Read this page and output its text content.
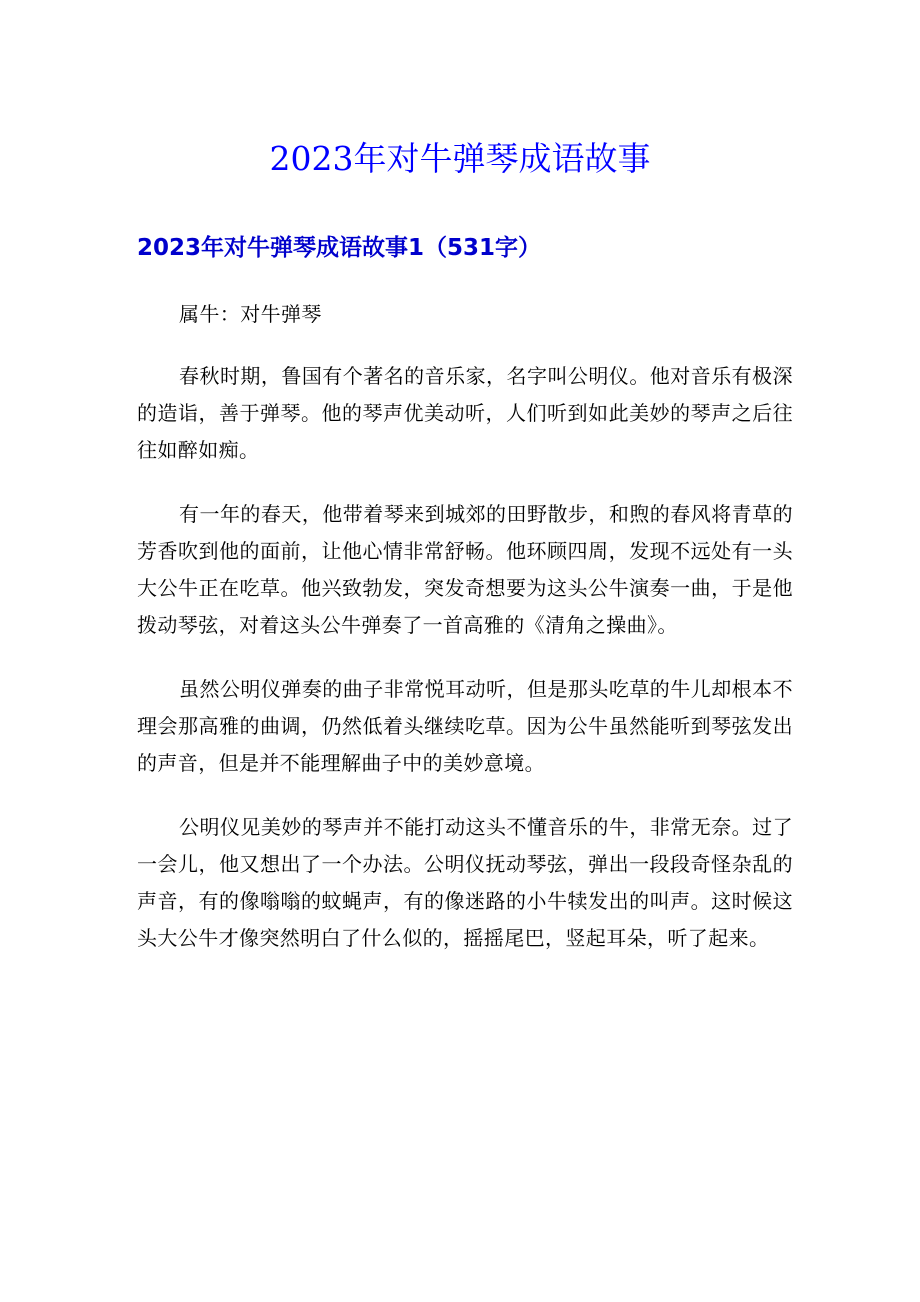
2023年对牛弹琴成语故事
2023年对牛弹琴成语故事1（531字）

属牛：对牛弹琴

春秋时期，鲁国有个著名的音乐家，名字叫公明仪。他对音乐有极深的造诣，善于弹琴。他的琴声优美动听，人们听到如此美妙的琴声之后往往如醉如痴。

有一年的春天，他带着琴来到城郊的田野散步，和煦的春风将青草的芳香吹到他的面前，让他心情非常舒畅。他环顾四周，发现不远处有一头大公牛正在吃草。他兴致勃发，突发奇想要为这头公牛演奏一曲，于是他拨动琴弦，对着这头公牛弹奏了一首高雅的《清角之操曲》。

虽然公明仪弹奏的曲子非常悦耳动听，但是那头吃草的牛儿却根本不理会那高雅的曲调，仍然低着头继续吃草。因为公牛虽然能听到琴弦发出的声音，但是并不能理解曲子中的美妙意境。

公明仪见美妙的琴声并不能打动这头不懂音乐的牛，非常无奈。过了一会儿，他又想出了一个办法。公明仪抚动琴弦，弹出一段段奇怪杂乱的声音，有的像嗡嗡的蚊蝇声，有的像迷路的小牛犊发出的叫声。这时候这头大公牛才像突然明白了什么似的，摇摇尾巴，竖起耳朵，听了起来。
